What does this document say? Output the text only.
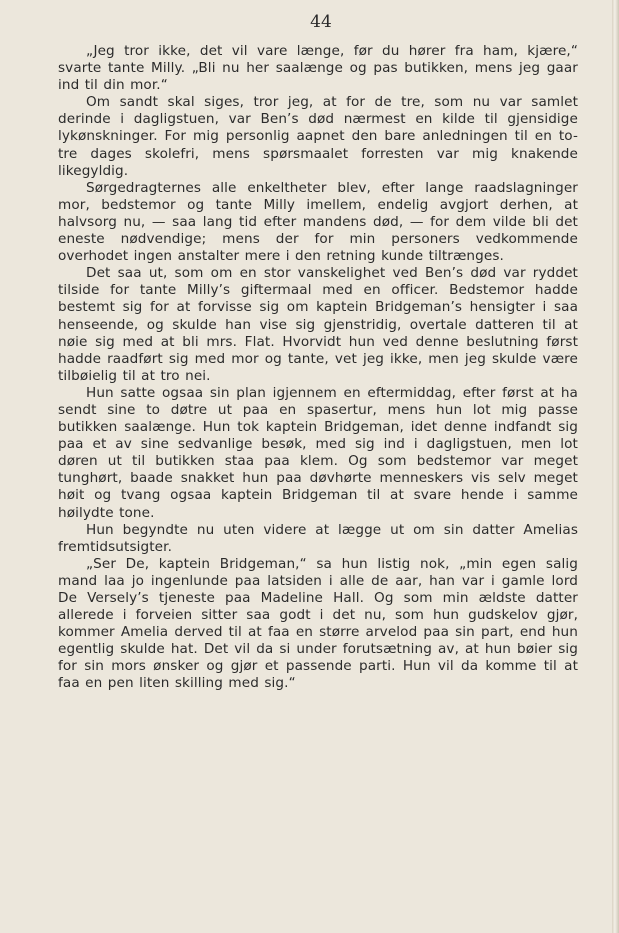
44

„Jeg tror ikke, det vil vare længe, før du hører fra ham, kjære,“ svarte tante Milly. „Bli nu her saalænge og pas butikken, mens jeg gaar ind til din mor.“

Om sandt skal siges, tror jeg, at for de tre, som nu var samlet derinde i dagligstuen, var Ben’s død nærmest en kilde til gjensidige lykønskninger. For mig personlig aapnet den bare anledningen til en to-tre dages skolefri, mens spørsmaalet forresten var mig knakende likegyldig.

Sørgedragternes alle enkeltheter blev, efter lange raadslagninger mor, bedstemor og tante Milly imellem, endelig avgjort derhen, at halvsorg nu, — saa lang tid efter mandens død, — for dem vilde bli det eneste nødvendige; mens der for min personers vedkommende overhodet ingen anstalter mere i den retning kunde tiltrænges.

Det saa ut, som om en stor vanskelighet ved Ben’s død var ryddet tilside for tante Milly’s giftermaal med en officer. Bedstemor hadde bestemt sig for at forvisse sig om kaptein Bridgeman’s hensigter i saa henseende, og skulde han vise sig gjenstridig, overtale datteren til at nøie sig med at bli mrs. Flat. Hvorvidt hun ved denne beslutning først hadde raadført sig med mor og tante, vet jeg ikke, men jeg skulde være tilbøielig til at tro nei.

Hun satte ogsaa sin plan igjennem en eftermiddag, efter først at ha sendt sine to døtre ut paa en spasertur, mens hun lot mig passe butikken saalænge. Hun tok kaptein Bridgeman, idet denne indfandt sig paa et av sine sedvanlige besøk, med sig ind i dagligstuen, men lot døren ut til butikken staa paa klem. Og som bedstemor var meget tunghørt, baade snakket hun paa døvhørte menneskers vis selv meget høit og tvang ogsaa kaptein Bridgeman til at svare hende i samme høilydte tone.

Hun begyndte nu uten videre at lægge ut om sin datter Amelias fremtidsutsigter.

„Ser De, kaptein Bridgeman,“ sa hun listig nok, „min egen salig mand laa jo ingenlunde paa latsiden i alle de aar, han var i gamle lord De Versely’s tjeneste paa Madeline Hall. Og som min ældste datter allerede i forveien sitter saa godt i det nu, som hun gudskelov gjør, kommer Amelia derved til at faa en større arvelod paa sin part, end hun egentlig skulde hat. Det vil da si under forutsætning av, at hun bøier sig for sin mors ønsker og gjør et passende parti. Hun vil da komme til at faa en pen liten skilling med sig.“
